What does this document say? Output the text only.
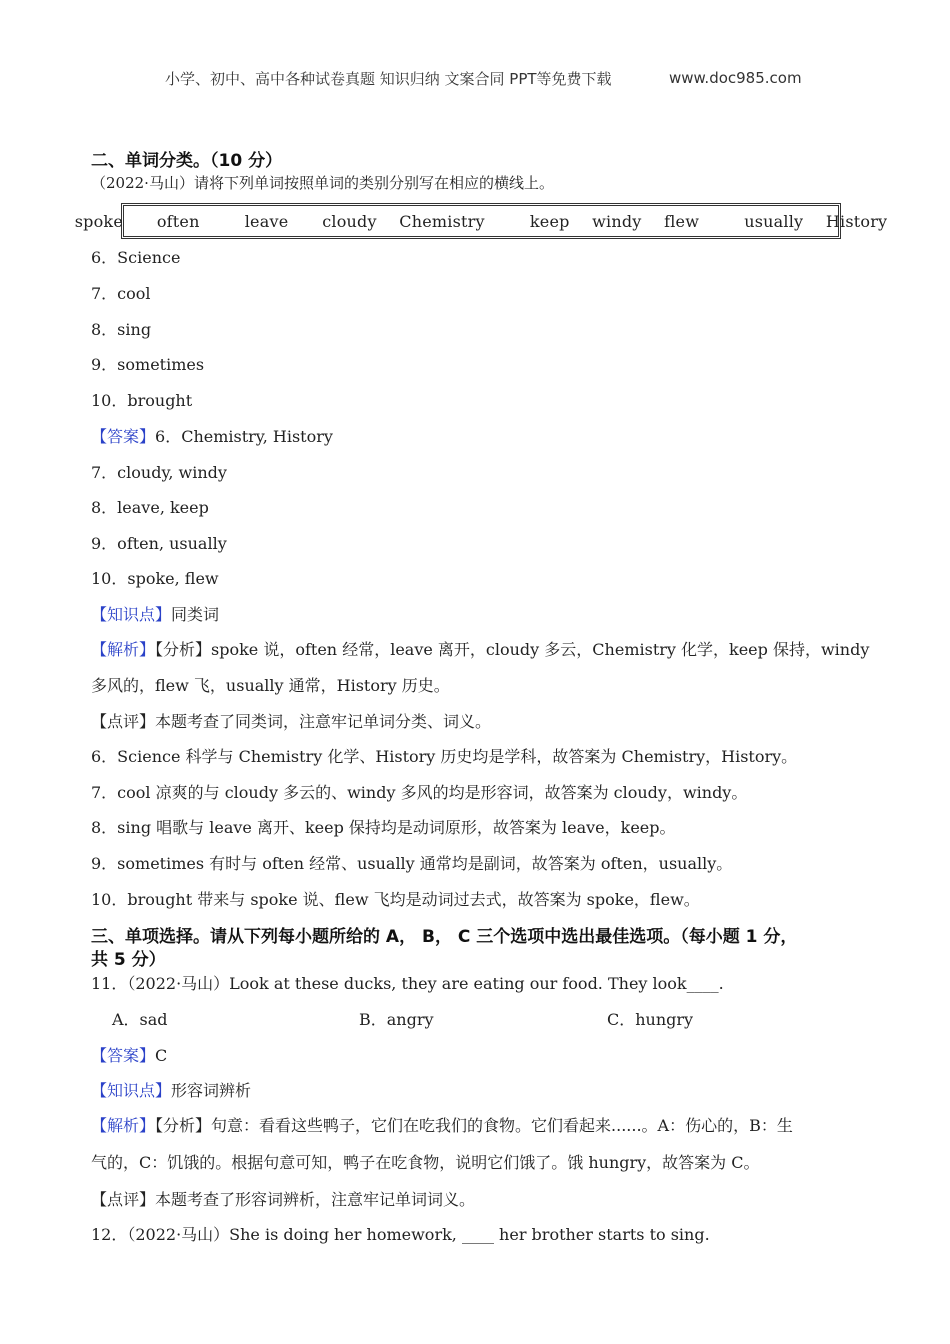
小学、初中、高中各种试卷真题 知识归纳 文案合同 PPT等免费下载	www.doc985.com
二、单词分类。（10 分）
（2022·马山）请将下列单词按照单词的类别分别写在相应的横线上。
spoke   often    leave   cloudy  Chemistry    keep  windy  flew    usually  History
6．Science
7．cool
8．sing
9．sometimes
10．brought
【答案】6．Chemistry, History
7．cloudy, windy
8．leave, keep
9．often, usually
10．spoke, flew
【知识点】同类词
【解析】【分析】spoke 说，often 经常，leave 离开，cloudy 多云，Chemistry 化学，keep 保持，windy
多风的，flew 飞，usually 通常，History 历史。
【点评】本题考查了同类词，注意牢记单词分类、词义。
6．Science 科学与 Chemistry 化学、History 历史均是学科，故答案为 Chemistry，History。
7．cool 凉爽的与 cloudy 多云的、windy 多风的均是形容词，故答案为 cloudy，windy。
8．sing 唱歌与 leave 离开、keep 保持均是动词原形，故答案为 leave，keep。
9．sometimes 有时与 often 经常、usually 通常均是副词，故答案为 often，usually。
10．brought 带来与 spoke 说、flew 飞均是动词过去式，故答案为 spoke，flew。
三、单项选择。请从下列每小题所给的 A， B， C 三个选项中选出最佳选项。（每小题 1 分，
共 5 分）
11．（2022·马山）Look at these ducks, they are eating our food. They look____.
A．sad	B．angry	C．hungry
【答案】C
【知识点】形容词辨析
【解析】【分析】句意：看看这些鸭子，它们在吃我们的食物。它们看起来......。A：伤心的，B：生
气的，C：饥饿的。根据句意可知，鸭子在吃食物，说明它们饿了。饿 hungry，故答案为 C。
【点评】本题考查了形容词辨析，注意牢记单词词义。
12．（2022·马山）She is doing her homework, ____ her brother starts to sing.
